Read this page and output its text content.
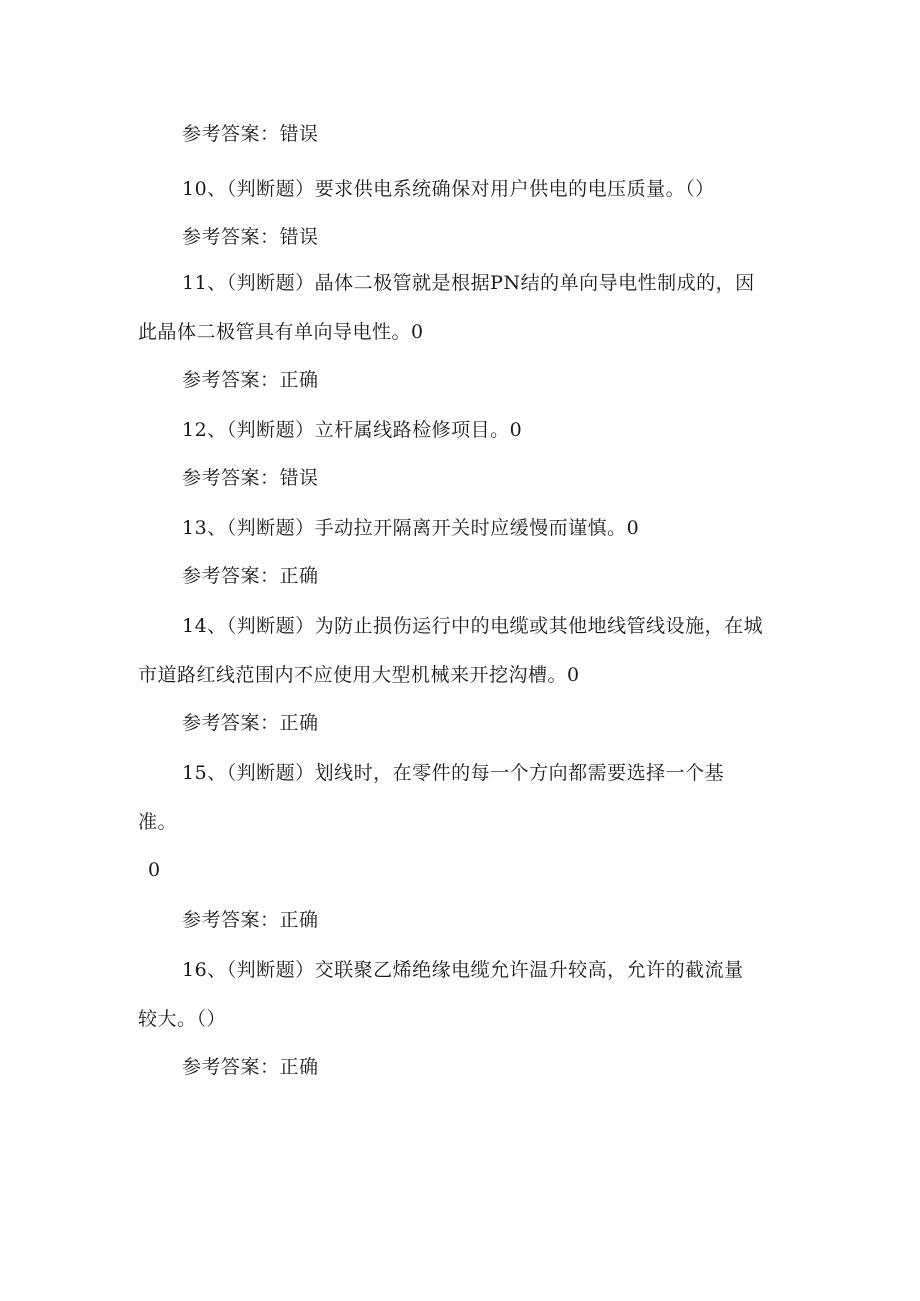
参考答案：错误
10、（判断题）要求供电系统确保对用户供电的电压质量。（）
参考答案：错误
11、（判断题）晶体二极管就是根据PN结的单向导电性制成的，因
此晶体二极管具有单向导电性。0
参考答案：正确
12、（判断题）立杆属线路检修项目。0
参考答案：错误
13、（判断题）手动拉开隔离开关时应缓慢而谨慎。0
参考答案：正确
14、（判断题）为防止损伤运行中的电缆或其他地线管线设施，在城
市道路红线范围内不应使用大型机械来开挖沟槽。0
参考答案：正确
15、（判断题）划线时，在零件的每一个方向都需要选择一个基
准。
0
参考答案：正确
16、（判断题）交联聚乙烯绝缘电缆允许温升较高，允许的截流量
较大。（）
参考答案：正确
